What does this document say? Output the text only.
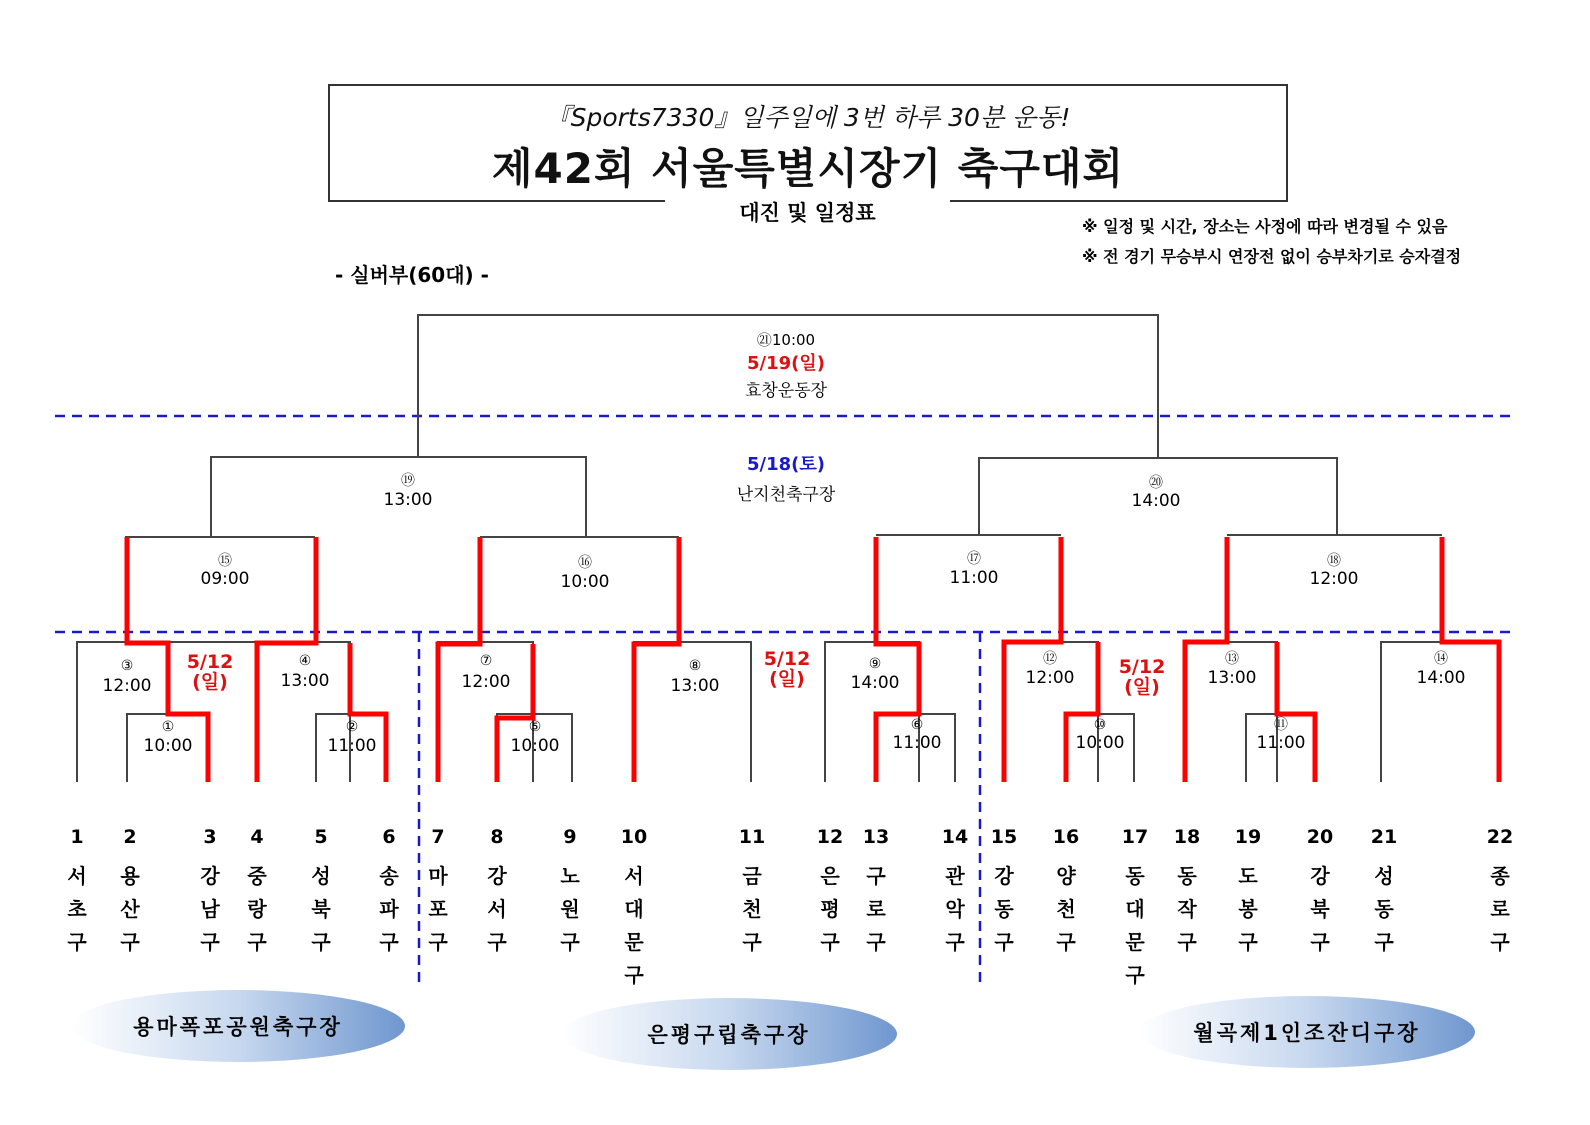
『Sports7330』일주일에 3번 하루 30분 운동!
제42회 서울특별시장기 축구대회
대진 및 일정표
※ 일정 및 시간, 장소는 사정에 따라 변경될 수 있음
※ 전 경기 무승부시 연장전 없이 승부차기로 승자결정
- 실버부(60대) -
①
10:00
②
11:00
③
12:00
④
13:00
⑤
10:00
⑥
11:00
⑦
12:00
⑧
13:00
⑨
14:00
⑩
10:00
⑪
11:00
⑫
12:00
⑬
13:00
⑭
14:00
⑮
09:00
⑯
10:00
⑰
11:00
⑱
12:00
⑲
13:00
⑳
14:00
㉑10:00
5/19(일)
효창운동장
5/18(토)
난지천축구장
5/12
(일)
5/12
(일)
5/12
(일)
1
서 초 구
2
용 산 구
3
강 남 구
4
중 랑 구
5
성 북 구
6
송 파 구
7
마 포 구
8
강 서 구
9
노 원 구
10
서 대 문 구
11
금 천 구
12
은 평 구
13
구 로 구
14
관 악 구
15
강 동 구
16
양 천 구
17
동 대 문 구
18
동 작 구
19
도 봉 구
20
강 북 구
21
성 동 구
22
종 로 구
용마폭포공원축구장	은평구립축구장	월곡제1인조잔디구장
